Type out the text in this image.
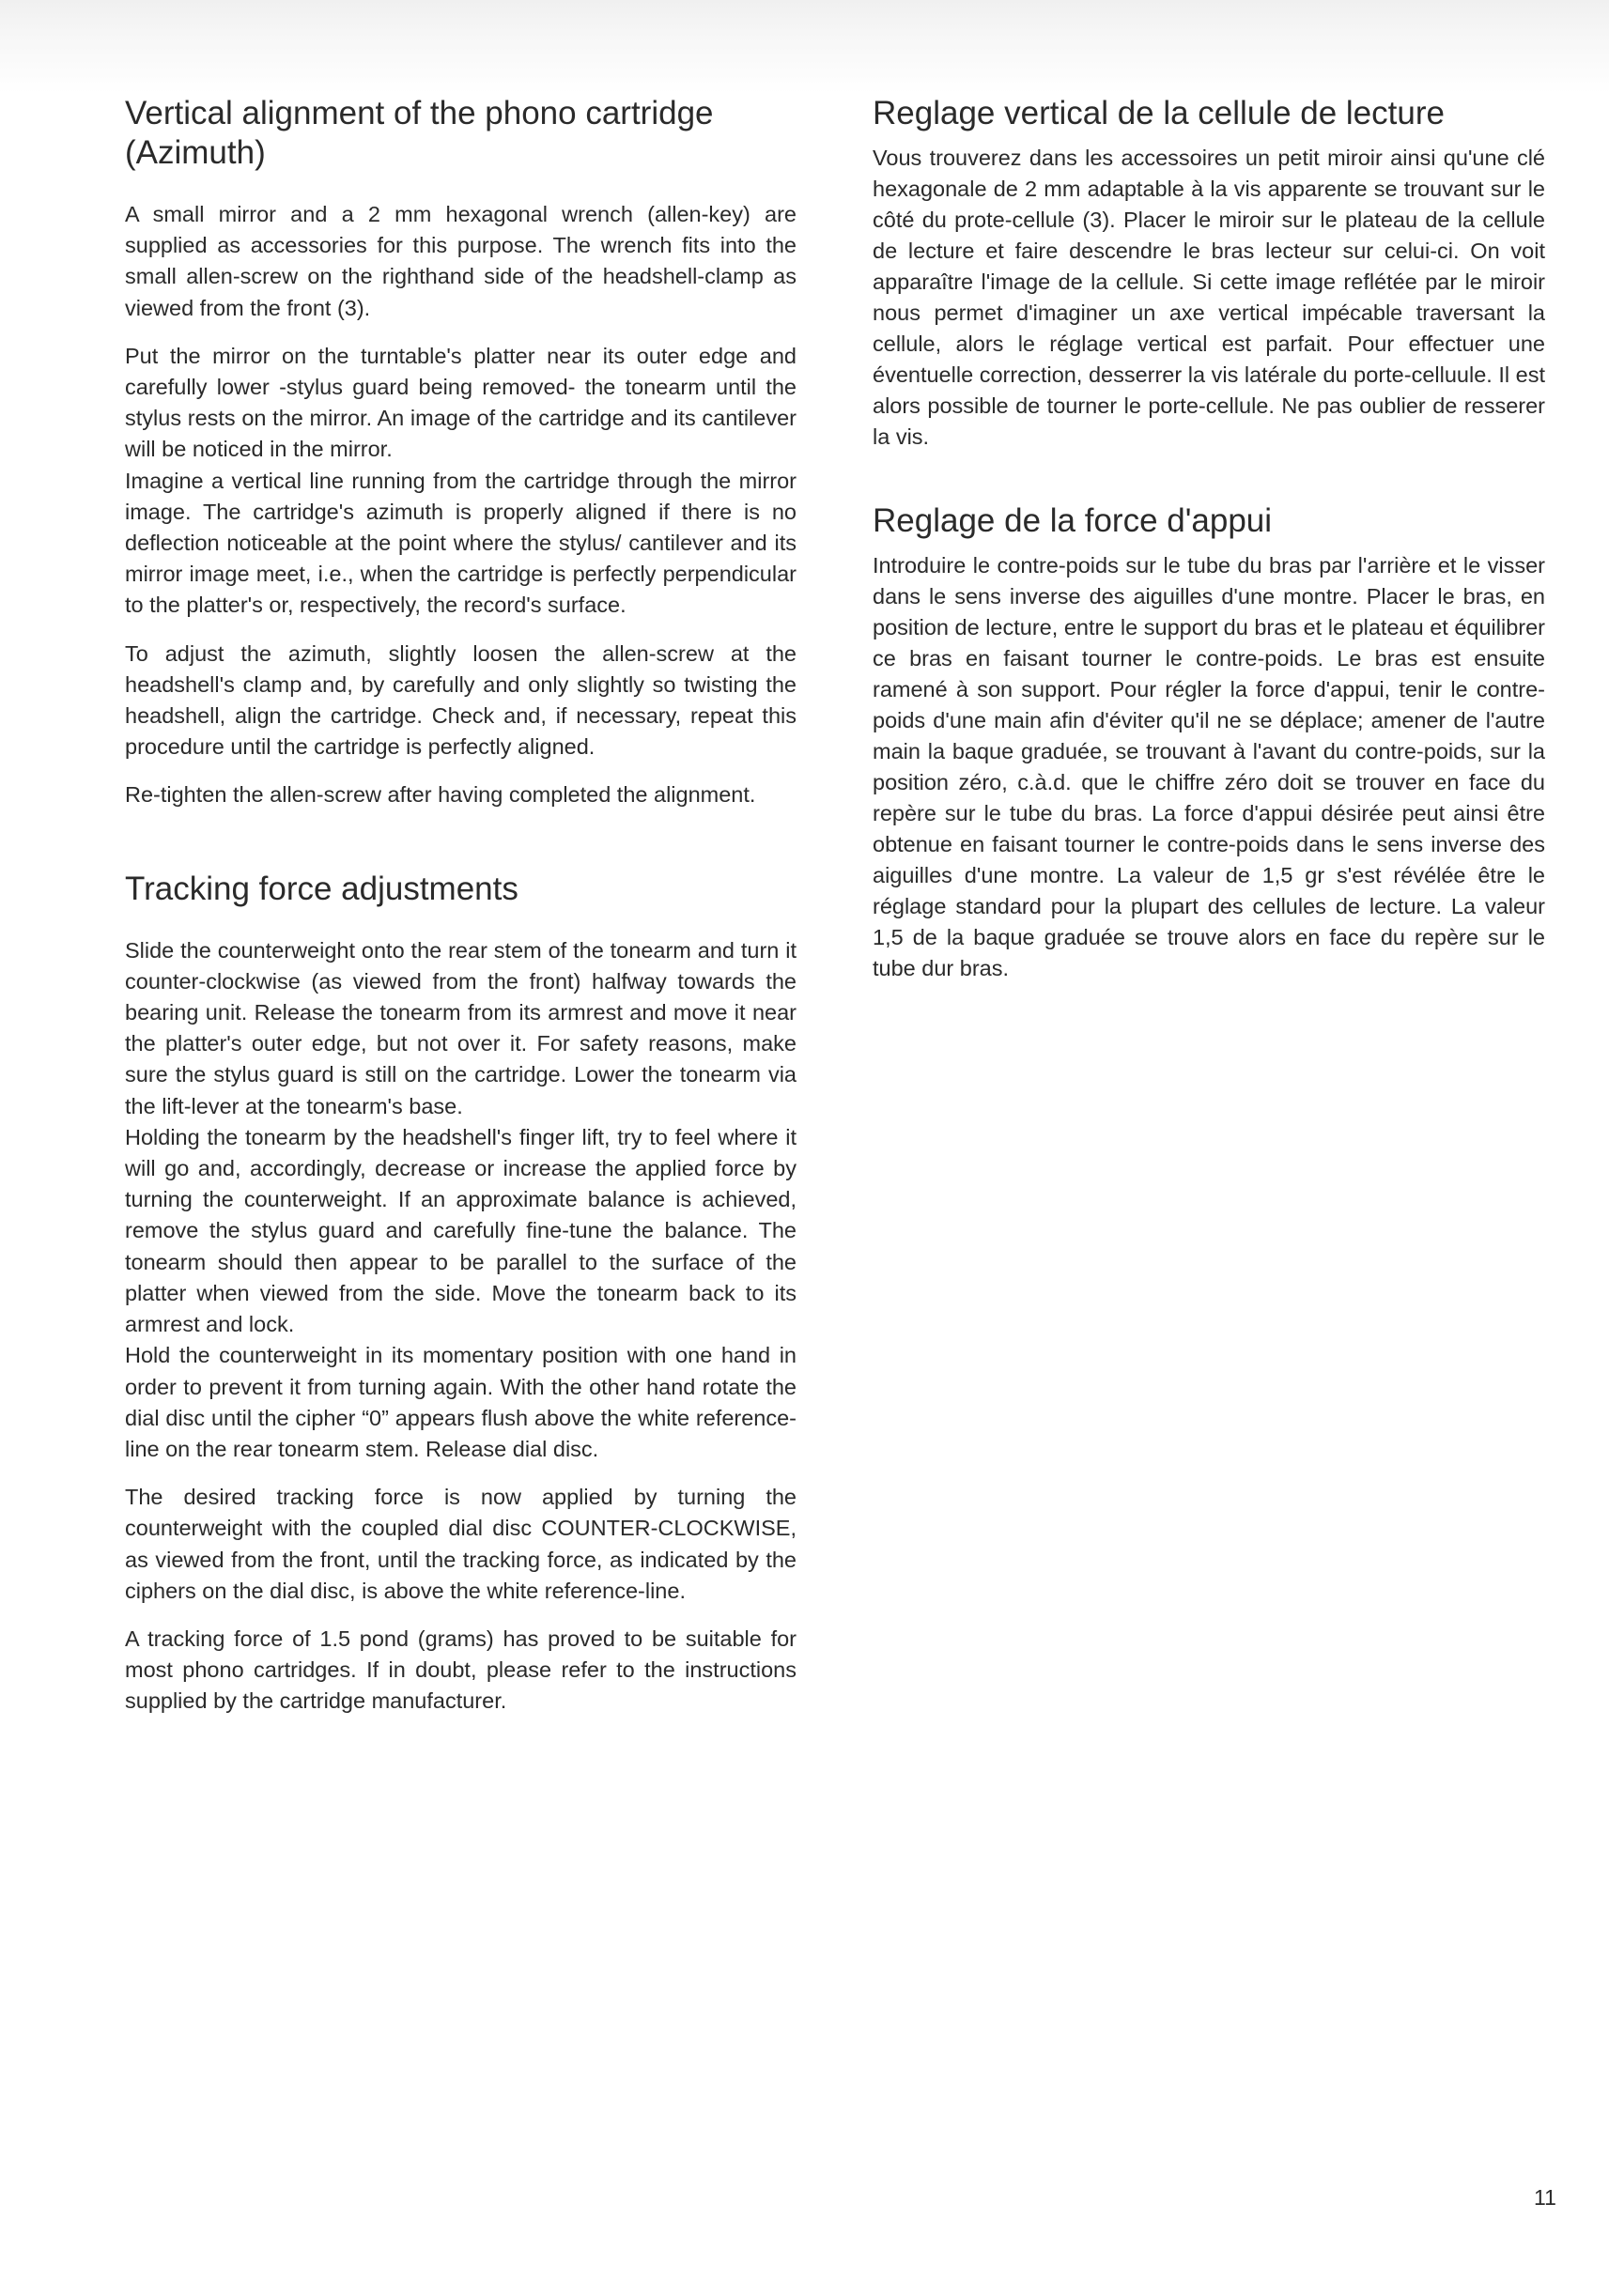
Vertical alignment of the phono cartridge (Azimuth)

A small mirror and a 2 mm hexagonal wrench (allen-key) are supplied as accessories for this purpose. The wrench fits into the small allen-screw on the righthand side of the headshell-clamp as viewed from the front (3).

Put the mirror on the turntable's platter near its outer edge and carefully lower -stylus guard being removed- the tonearm until the stylus rests on the mirror. An image of the cartridge and its cantilever will be noticed in the mirror.

Imagine a vertical line running from the cartridge through the mirror image. The cartridge's azimuth is properly aligned if there is no deflection noticeable at the point where the stylus/ cantilever and its mirror image meet, i.e., when the cartridge is perfectly perpendicular to the platter's or, respectively, the record's surface.

To adjust the azimuth, slightly loosen the allen-screw at the headshell's clamp and, by carefully and only slightly so twisting the headshell, align the cartridge. Check and, if necessary, repeat this procedure until the cartridge is perfectly aligned.

Re-tighten the allen-screw after having completed the alignment.

Tracking force adjustments

Slide the counterweight onto the rear stem of the tonearm and turn it counter-clockwise (as viewed from the front) halfway towards the bearing unit. Release the tonearm from its armrest and move it near the platter's outer edge, but not over it. For safety reasons, make sure the stylus guard is still on the cartridge. Lower the tonearm via the lift-lever at the tonearm's base.

Holding the tonearm by the headshell's finger lift, try to feel where it will go and, accordingly, decrease or increase the applied force by turning the counterweight. If an approximate balance is achieved, remove the stylus guard and carefully fine-tune the balance. The tonearm should then appear to be parallel to the surface of the platter when viewed from the side. Move the tonearm back to its armrest and lock.

Hold the counterweight in its momentary position with one hand in order to prevent it from turning again. With the other hand rotate the dial disc until the cipher “0” appears flush above the white reference-line on the rear tonearm stem. Release dial disc.

The desired tracking force is now applied by turning the counterweight with the coupled dial disc COUNTER-CLOCKWISE, as viewed from the front, until the tracking force, as indicated by the ciphers on the dial disc, is above the white reference-line.

A tracking force of 1.5 pond (grams) has proved to be suitable for most phono cartridges. If in doubt, please refer to the instructions supplied by the cartridge manufacturer.

Reglage vertical de la cellule de lecture

Vous trouverez dans les accessoires un petit miroir ainsi qu'une clé hexagonale de 2 mm adaptable à la vis apparente se trouvant sur le côté du prote-cellule (3). Placer le miroir sur le plateau de la cellule de lecture et faire descendre le bras lecteur sur celui-ci. On voit apparaître l'image de la cellule. Si cette image reflétée par le miroir nous permet d'imaginer un axe vertical impécable traversant la cellule, alors le réglage vertical est parfait. Pour effectuer une éventuelle correction, desserrer la vis latérale du porte-celluule. Il est alors possible de tourner le porte-cellule. Ne pas oublier de resserer la vis.

Reglage de la force d'appui

Introduire le contre-poids sur le tube du bras par l'arrière et le visser dans le sens inverse des aiguilles d'une montre. Placer le bras, en position de lecture, entre le support du bras et le plateau et équilibrer ce bras en faisant tourner le contre-poids. Le bras est ensuite ramené à son support. Pour régler la force d'appui, tenir le contre-poids d'une main afin d'éviter qu'il ne se déplace; amener de l'autre main la baque graduée, se trouvant à l'avant du contre-poids, sur la position zéro, c.à.d. que le chiffre zéro doit se trouver en face du repère sur le tube du bras. La force d'appui désirée peut ainsi être obtenue en faisant tourner le contre-poids dans le sens inverse des aiguilles d'une montre. La valeur de 1,5 gr s'est révélée être le réglage standard pour la plupart des cellules de lecture. La valeur 1,5 de la baque graduée se trouve alors en face du repère sur le tube dur bras.

11
